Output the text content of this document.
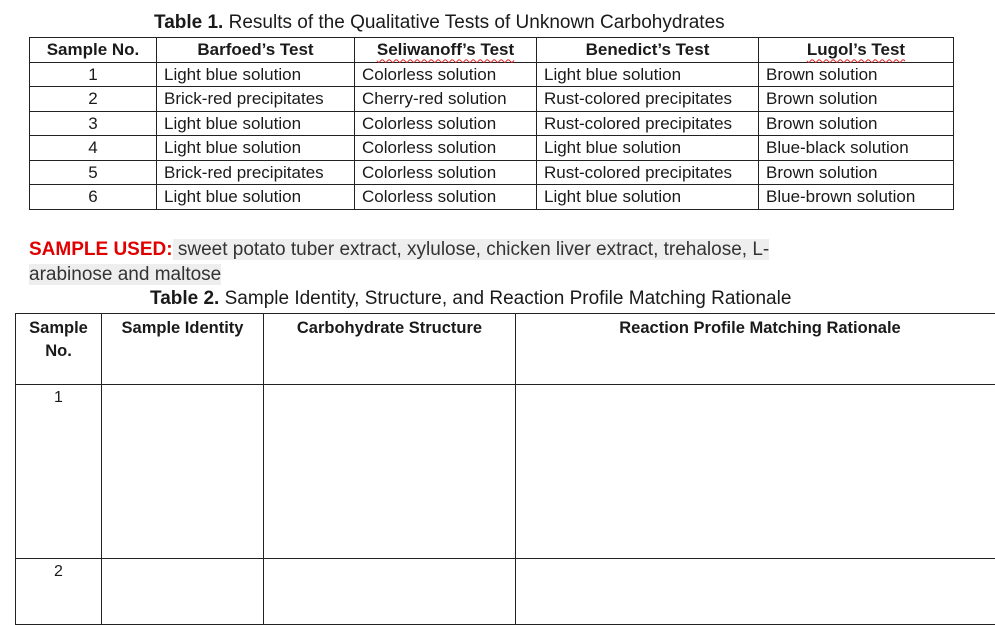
Table 1. Results of the Qualitative Tests of Unknown Carbohydrates
Sample No.	Barfoed’s Test	Seliwanoff’s Test	Benedict’s Test	Lugol’s Test
1	Light blue solution	Colorless solution	Light blue solution	Brown solution
2	Brick-red precipitates	Cherry-red solution	Rust-colored precipitates	Brown solution
3	Light blue solution	Colorless solution	Rust-colored precipitates	Brown solution
4	Light blue solution	Colorless solution	Light blue solution	Blue-black solution
5	Brick-red precipitates	Colorless solution	Rust-colored precipitates	Brown solution
6	Light blue solution	Colorless solution	Light blue solution	Blue-brown solution
SAMPLE USED: sweet potato tuber extract, xylulose, chicken liver extract, trehalose, L-arabinose and maltose
Table 2. Sample Identity, Structure, and Reaction Profile Matching Rationale
Sample No.	Sample Identity	Carbohydrate Structure	Reaction Profile Matching Rationale
1			
2			
